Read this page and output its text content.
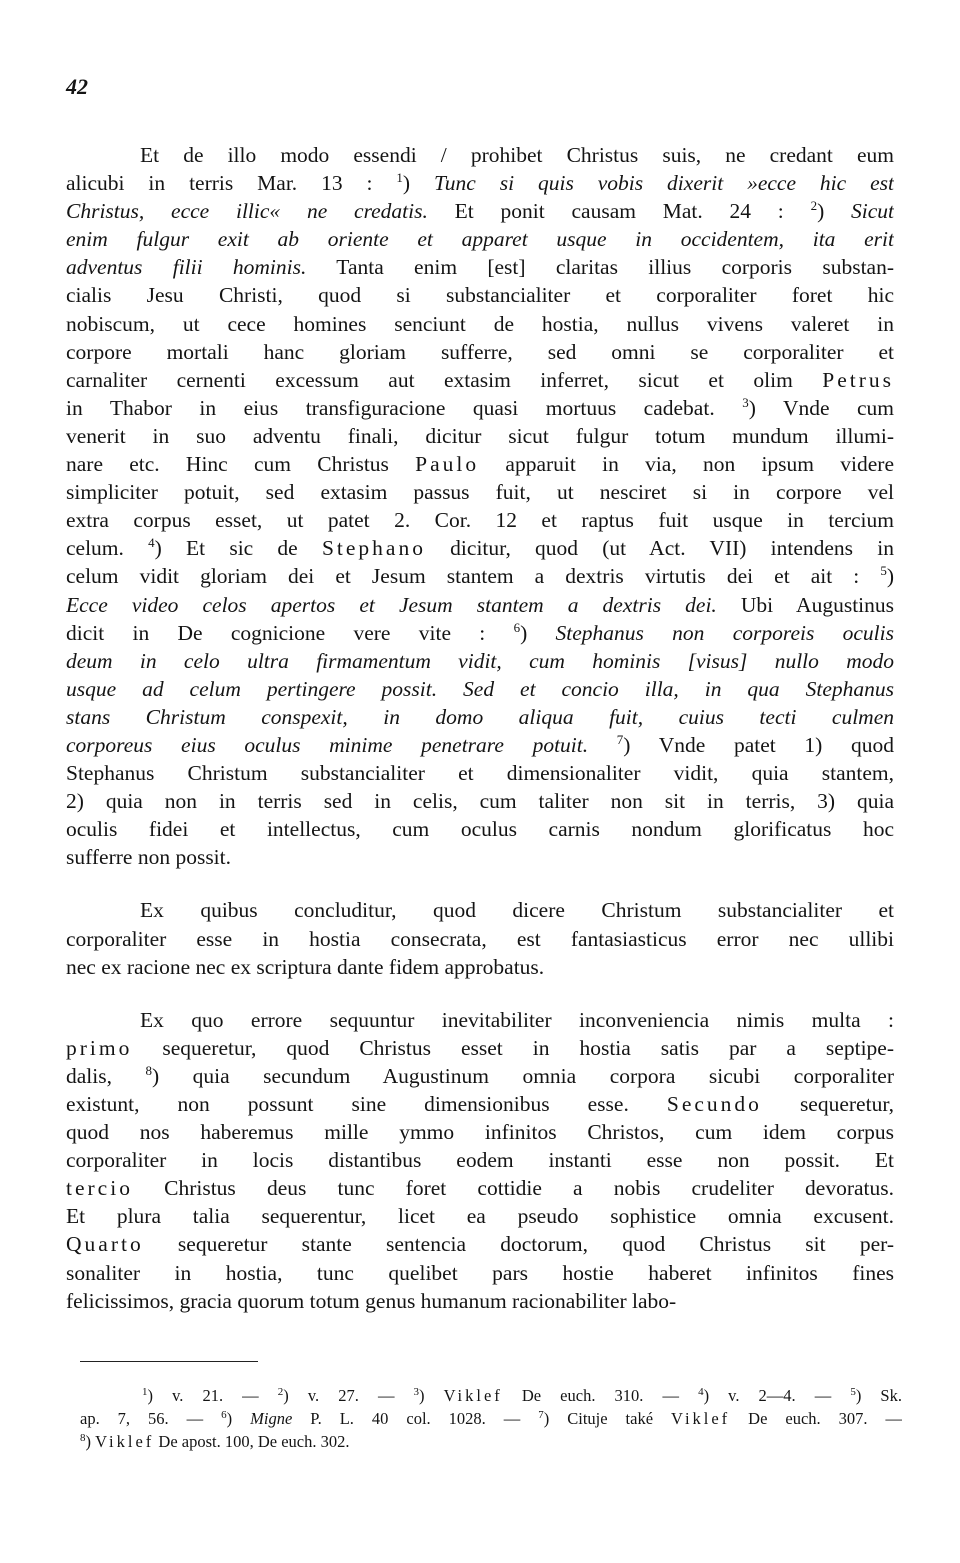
42
Et de illo modo essendi / prohibet Christus suis, ne credant eum
alicubi in terris Mar. 13 : $^1$) Tunc si quis vobis dixerit »ecce hic est
Christus, ecce illic« ne credatis. Et ponit causam Mat. 24 : $^2$) Sicut
enim fulgur exit ab oriente et apparet usque in occidentem, ita erit
adventus filii hominis. Tanta enim [est] claritas illius corporis substan-
cialis Jesu Christi, quod si substancialiter et corporaliter foret hic
nobiscum, ut cece homines senciunt de hostia, nullus vivens valeret in
corpore mortali hanc gloriam sufferre, sed omni se corporaliter et
carnaliter cernenti excessum aut extasim inferret, sicut et olim Petrus
in Thabor in eius transfiguracione quasi mortuus cadebat. $^3$) Vnde cum
venerit in suo adventu finali, dicitur sicut fulgur totum mundum illumi-
nare etc. Hinc cum Christus Paulo apparuit in via, non ipsum videre
simpliciter potuit, sed extasim passus fuit, ut nesciret si in corpore vel
extra corpus esset, ut patet 2. Cor. 12 et raptus fuit usque in tercium
celum. $^4$) Et sic de Stephano dicitur, quod (ut Act. VII) intendens in
celum vidit gloriam dei et Jesum stantem a dextris virtutis dei et ait : $^5$)
Ecce video celos apertos et Jesum stantem a dextris dei. Ubi Augustinus
dicit in De cognicione vere vite : $^6$) Stephanus non corporeis oculis
deum in celo ultra firmamentum vidit, cum hominis [visus] nullo modo
usque ad celum pertingere possit. Sed et concio illa, in qua Stephanus
stans Christum conspexit, in domo aliqua fuit, cuius tecti culmen
corporeus eius oculus minime penetrare potuit. $^7$) Vnde patet 1) quod
Stephanus Christum substancialiter et dimensionaliter vidit, quia stantem,
2) quia non in terris sed in celis, cum taliter non sit in terris, 3) quia
oculis fidei et intellectus, cum oculus carnis nondum glorificatus hoc
sufferre non possit.
Ex quibus concluditur, quod dicere Christum substancialiter et
corporaliter esse in hostia consecrata, est fantasiasticus error nec ullibi
nec ex racione nec ex scriptura dante fidem approbatus.
Ex quo errore sequuntur inevitabiliter inconveniencia nimis multa :
primo sequeretur, quod Christus esset in hostia satis par a septipe-
dalis, $^8$) quia secundum Augustinum omnia corpora sicubi corporaliter
existunt, non possunt sine dimensionibus esse. Secundo sequeretur,
quod nos haberemus mille ymmo infinitos Christos, cum idem corpus
corporaliter in locis distantibus eodem instanti esse non possit. Et
tercio Christus deus tunc foret cottidie a nobis crudeliter devoratus.
Et plura talia sequerentur, licet ea pseudo sophistice omnia excusent.
Quarto sequeretur stante sentencia doctorum, quod Christus sit per-
sonaliter in hostia, tunc quelibet pars hostie haberet infinitos fines
felicissimos, gracia quorum totum genus humanum racionabiliter labo-
$^1$) v. 21. — $^2$) v. 27. — $^3$) Viklef De euch. 310. — $^4$) v. 2—4. — $^5$) Sk.
ap. 7, 56. — $^6$) Migne P. L. 40 col. 1028. — $^7$) Cituje také Viklef De euch. 307. —
$^8$) Viklef De apost. 100, De euch. 302.
